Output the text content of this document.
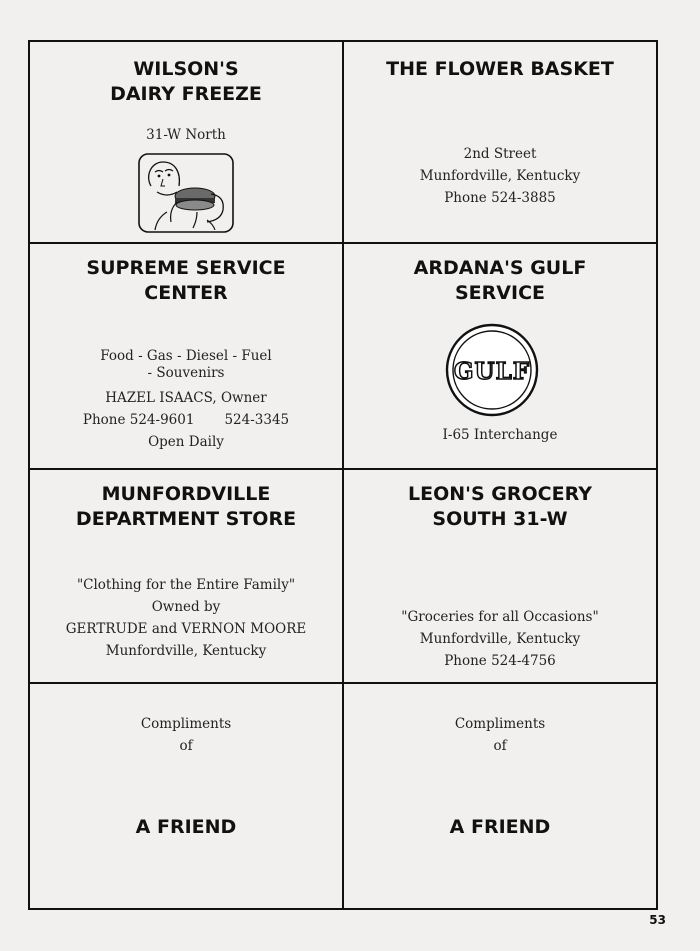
WILSON'S

DAIRY FREEZE

31-W North

THE FLOWER BASKET

2nd Street

Munfordville, Kentucky

Phone 524-3885

SUPREME SERVICE

CENTER

Food - Gas - Diesel - Fuel

- Souvenirs

HAZEL ISAACS, Owner

Phone 524-9601 524-3345

Open Daily

ARDANA'S GULF

SERVICE

GULF

I-65 Interchange

MUNFORDVILLE

DEPARTMENT STORE

"Clothing for the Entire Family"

Owned by

GERTRUDE and VERNON MOORE

Munfordville, Kentucky

LEON'S GROCERY

SOUTH 31-W

"Groceries for all Occasions"

Munfordville, Kentucky

Phone 524-4756

Compliments

of

A FRIEND

Compliments

of

A FRIEND

53
